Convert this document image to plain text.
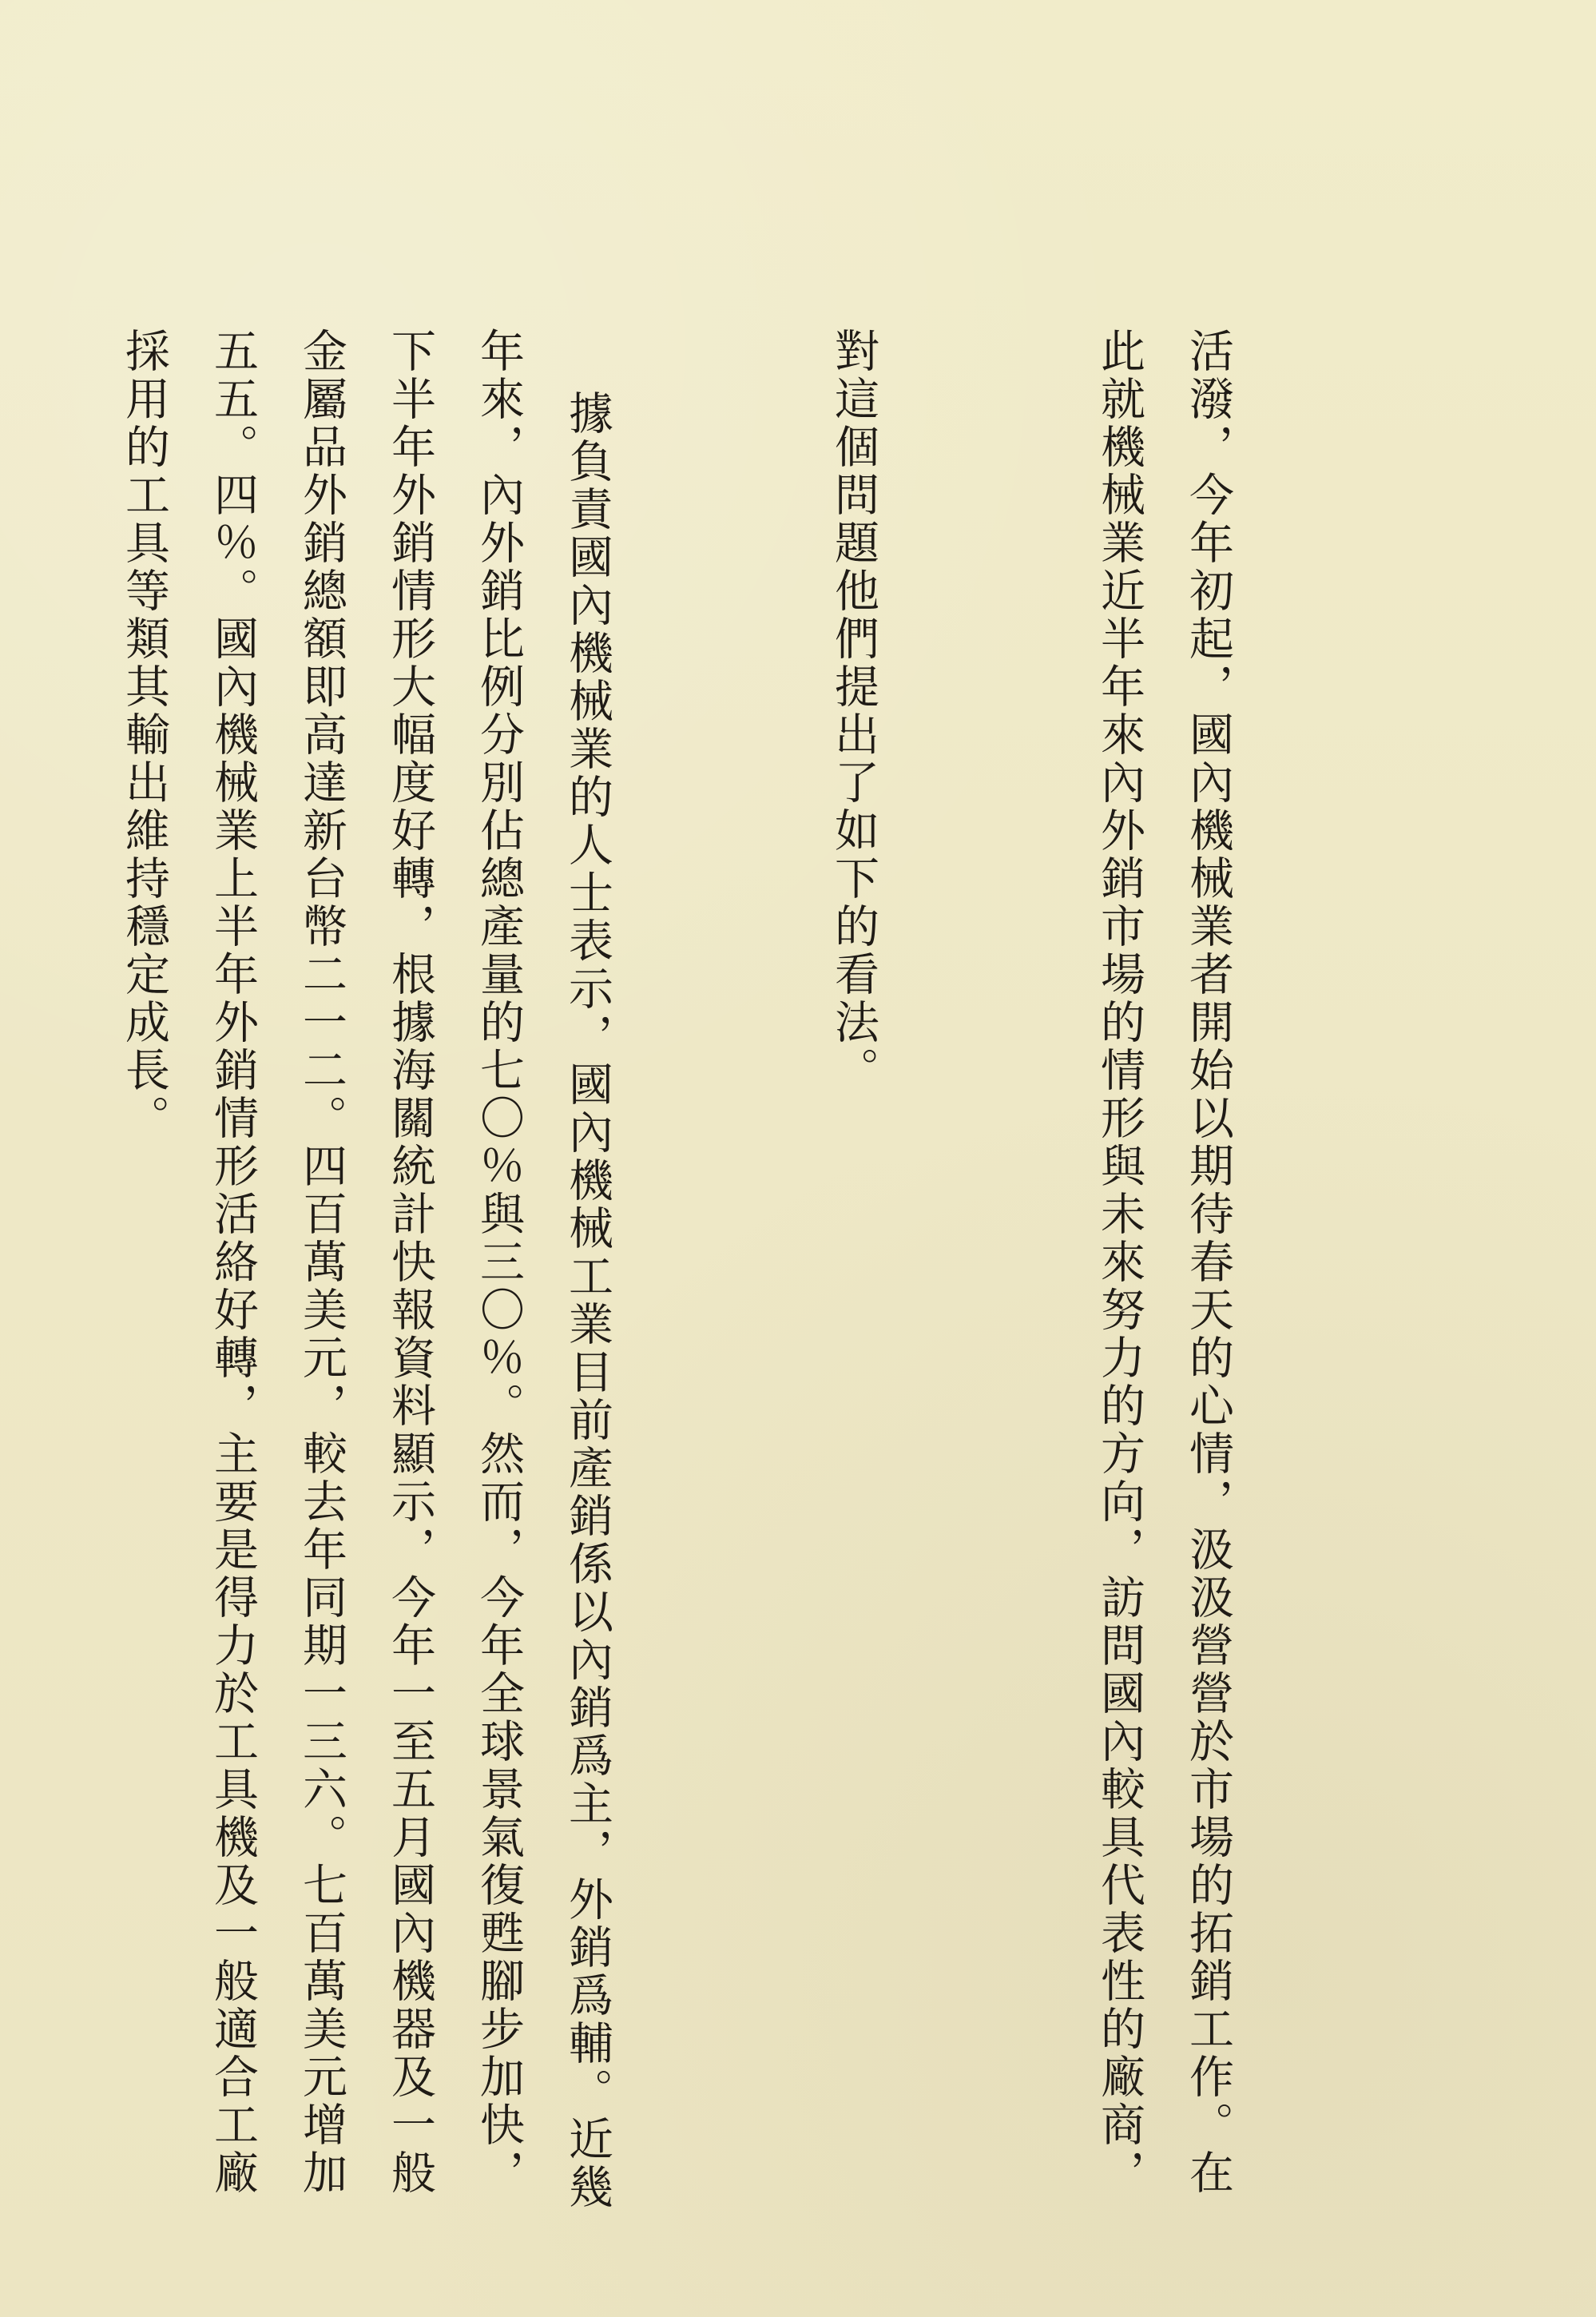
活潑，今年初起，國內機械業者開始以期待春天的心情，汲汲營營於市場的拓銷工作。在此就機械業近半年來內外銷市場的情形與未來努力的方向，訪問國內較具代表性的廠商，

對這個問題他們提出了如下的看法。

據負責國內機械業的人士表示，國內機械工業目前產銷係以內銷爲主，外銷爲輔。近幾年來，內外銷比例分別佔總產量的七〇％與三〇％。然而，今年全球景氣復甦腳步加快，下半年外銷情形大幅度好轉，根據海關統計快報資料顯示，今年一至五月國內機器及一般金屬品外銷總額即高達新台幣二一二。四百萬美元，較去年同期一三六。七百萬美元增加五五。四％。國內機械業上半年外銷情形活絡好轉，主要是得力於工具機及一般適合工廠採用的工具等類其輸出維持穩定成長。
